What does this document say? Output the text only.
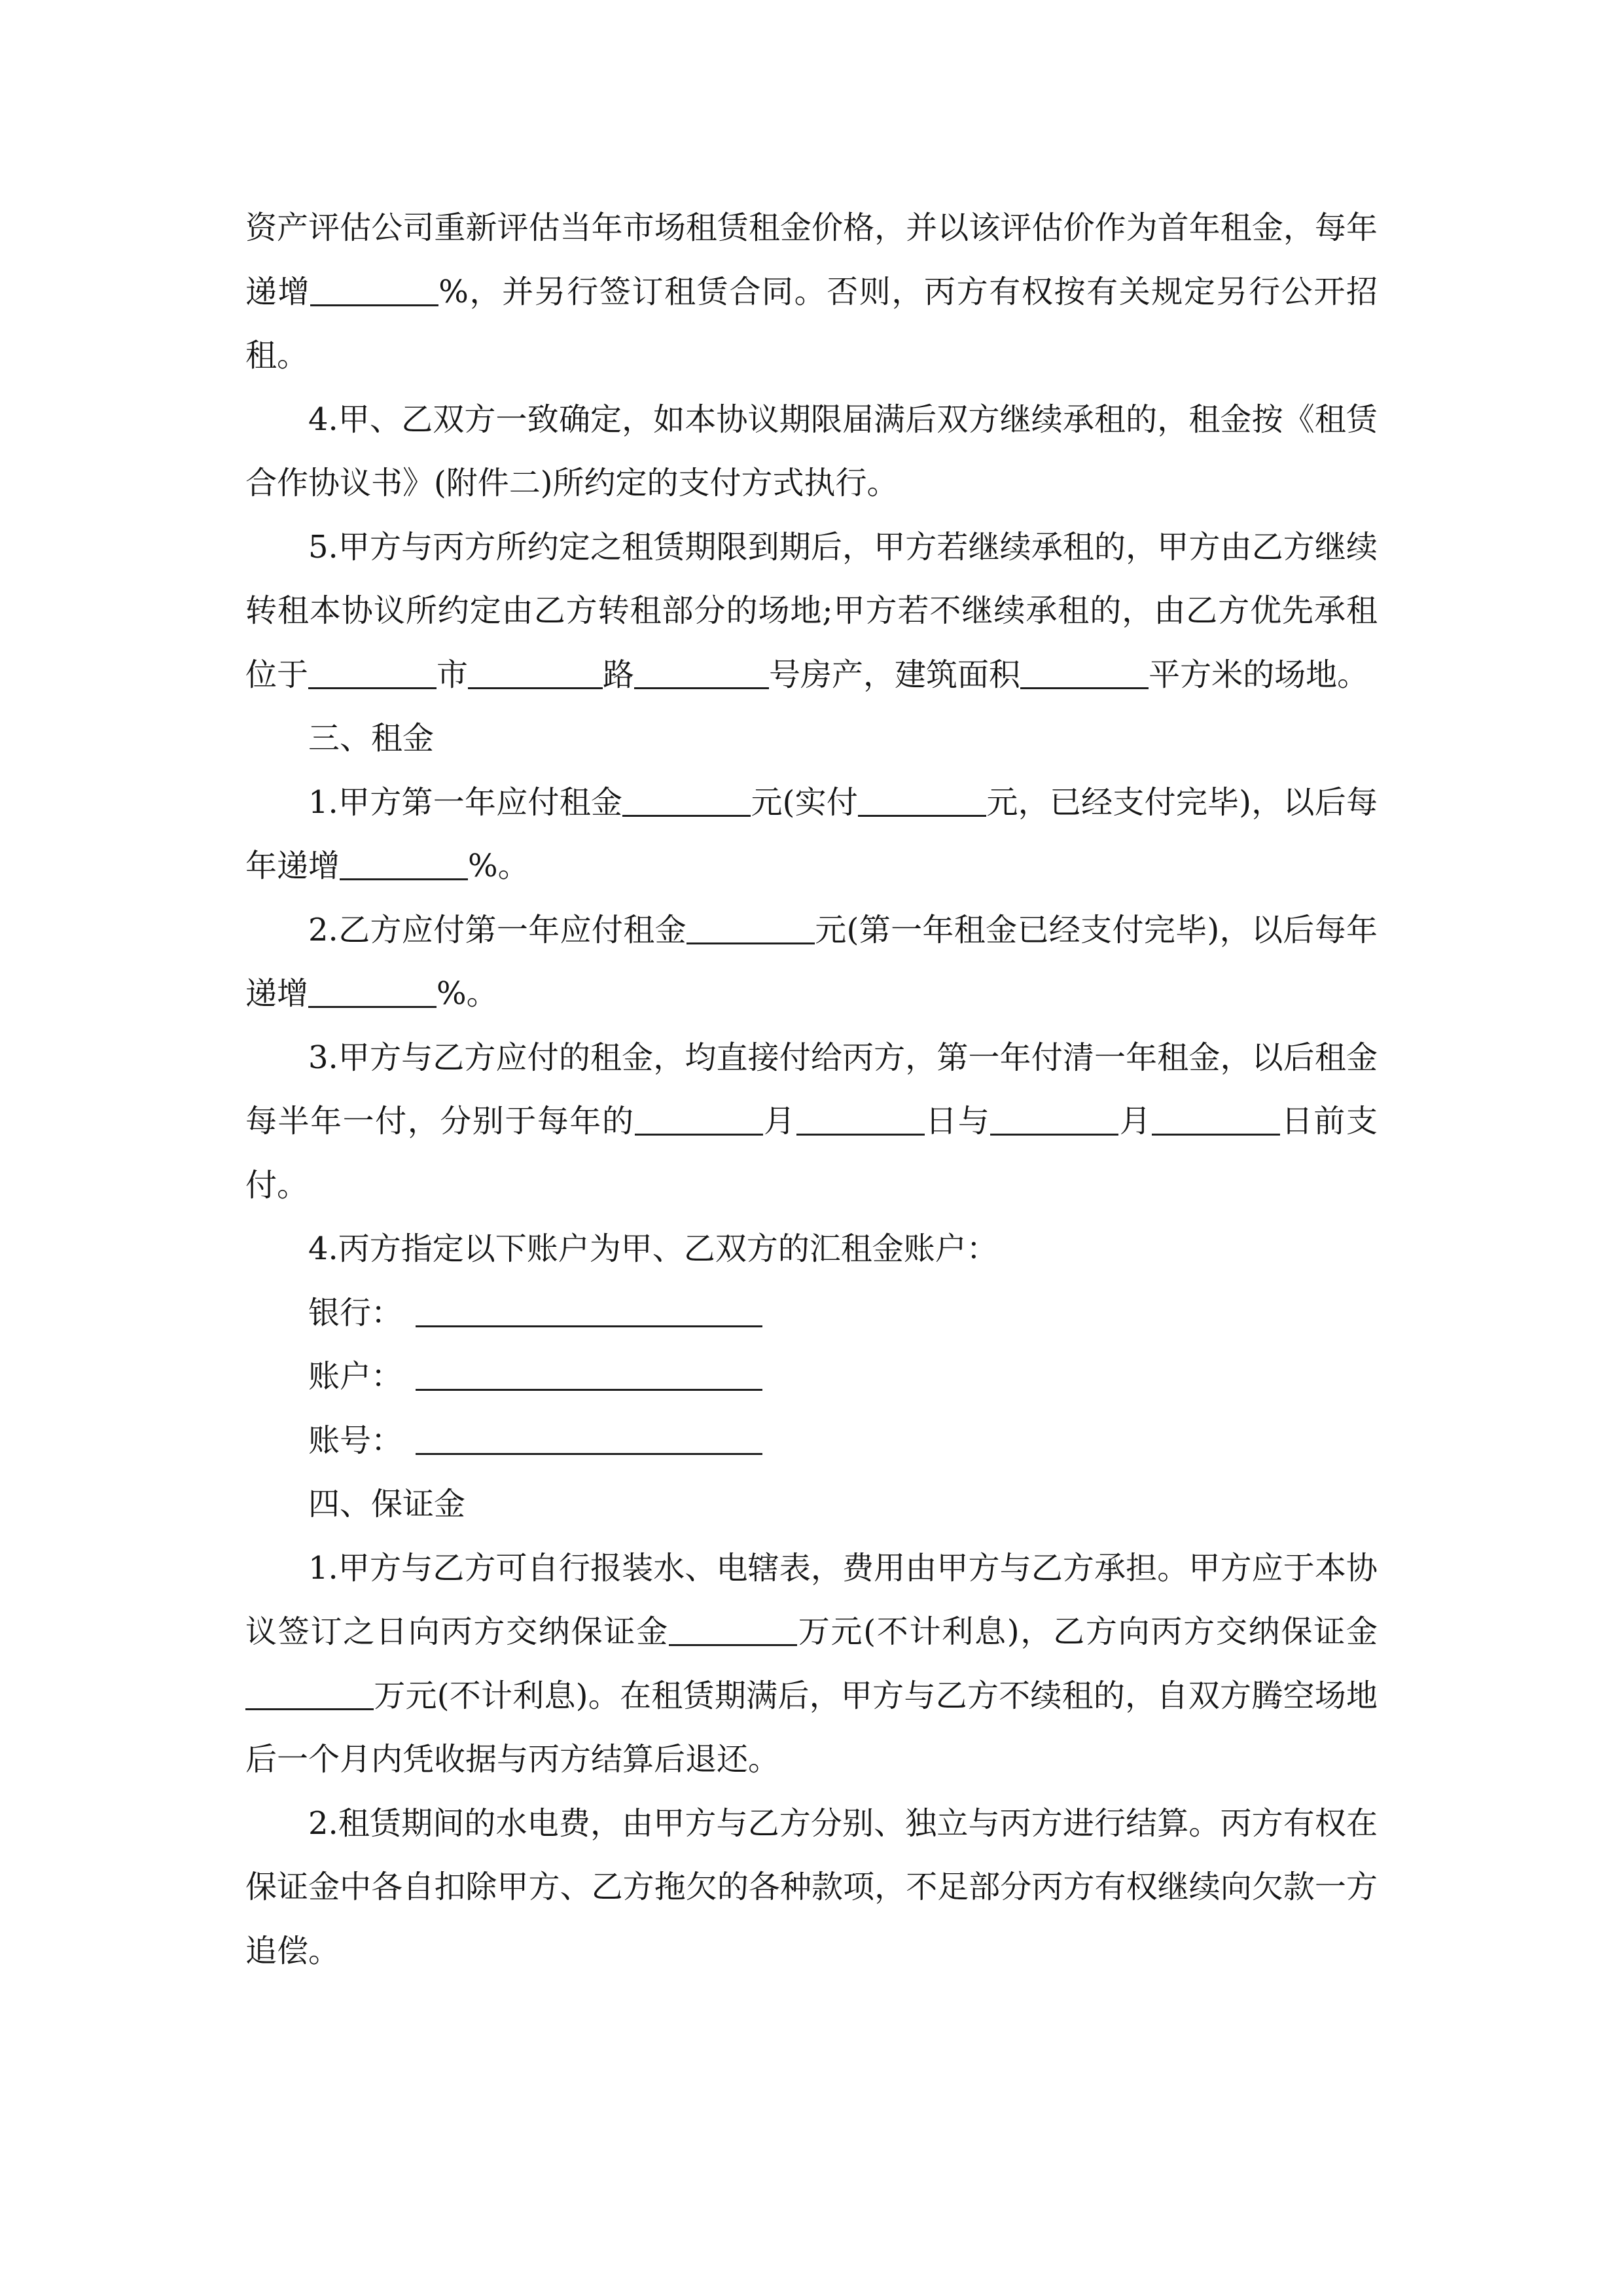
资产评估公司重新评估当年市场租赁租金价格，并以该评估价作为首年租金，每年递增	%，并另行签订租赁合同。否则，丙方有权按有关规定另行公开招租。

4.甲、乙双方一致确定，如本协议期限届满后双方继续承租的，租金按《租赁合作协议书》(附件二)所约定的支付方式执行。

5.甲方与丙方所约定之租赁期限到期后，甲方若继续承租的，甲方由乙方继续转租本协议所约定由乙方转租部分的场地;甲方若不继续承租的，由乙方优先承租位于	市	路	号房产，建筑面积	平方米的场地。

三、租金

1.甲方第一年应付租金	元(实付	元，已经支付完毕)，以后每年递增	%。

2.乙方应付第一年应付租金	元(第一年租金已经支付完毕)，以后每年递增	%。

3.甲方与乙方应付的租金，均直接付给丙方，第一年付清一年租金，以后租金每半年一付，分别于每年的	月	日与	月	日前支付。

4.丙方指定以下账户为甲、乙双方的汇租金账户：

银行：

账户：

账号：

四、保证金

1.甲方与乙方可自行报装水、电辖表，费用由甲方与乙方承担。甲方应于本协议签订之日向丙方交纳保证金	万元(不计利息)，乙方向丙方交纳保证金万元(不计利息)。在租赁期满后，甲方与乙方不续租的，自双方腾空场地后一个月内凭收据与丙方结算后退还。

2.租赁期间的水电费，由甲方与乙方分别、独立与丙方进行结算。丙方有权在保证金中各自扣除甲方、乙方拖欠的各种款项，不足部分丙方有权继续向欠款一方追偿。
